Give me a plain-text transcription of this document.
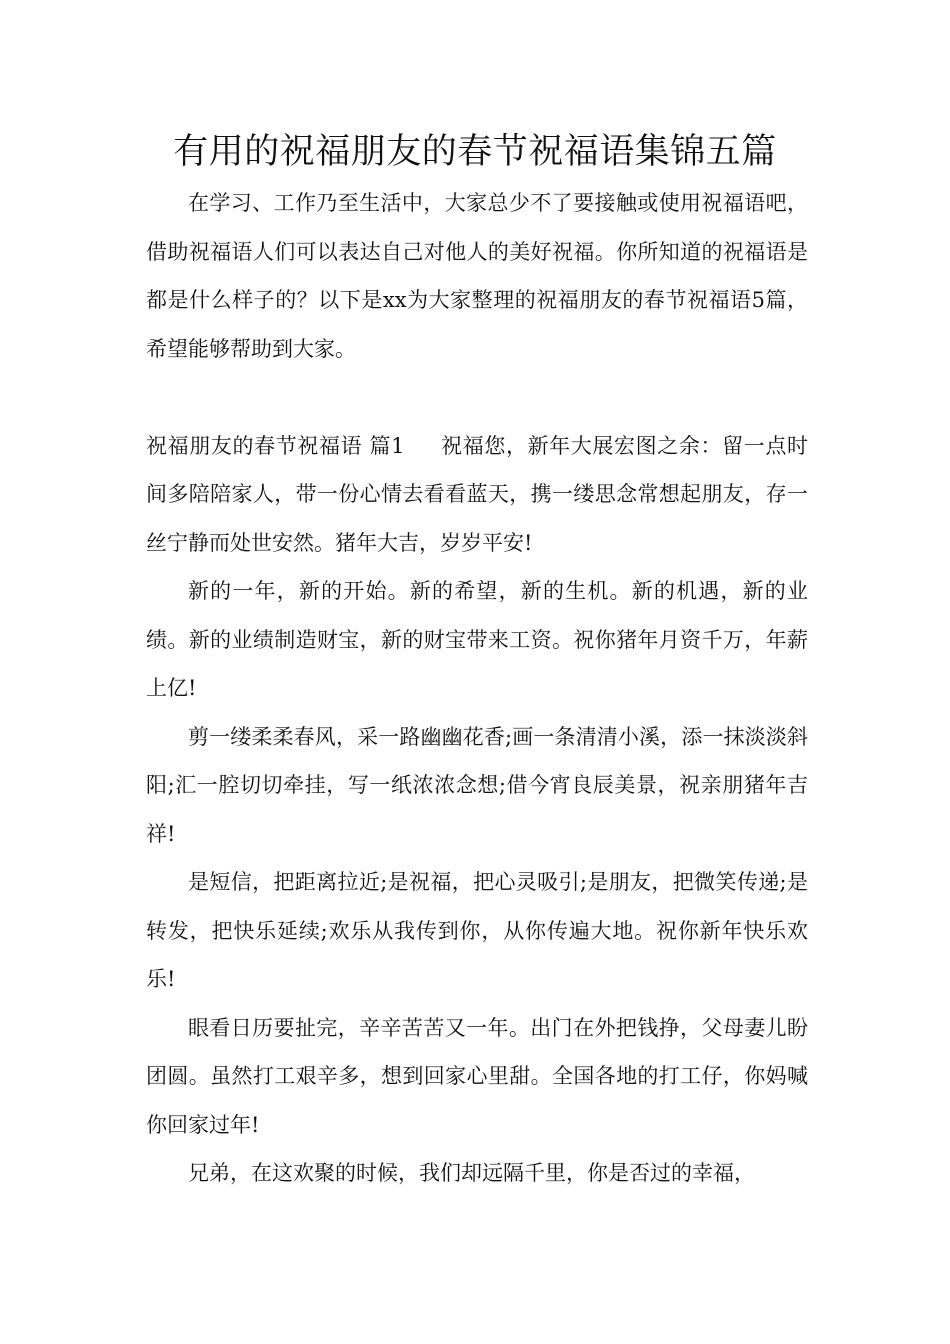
有用的祝福朋友的春节祝福语集锦五篇

在学习、工作乃至生活中，大家总少不了要接触或使用祝福语吧，借助祝福语人们可以表达自己对他人的美好祝福。你所知道的祝福语是都是什么样子的？以下是xx为大家整理的祝福朋友的春节祝福语5篇，希望能够帮助到大家。

祝福朋友的春节祝福语 篇1 祝福您，新年大展宏图之余：留一点时间多陪陪家人，带一份心情去看看蓝天，携一缕思念常想起朋友，存一丝宁静而处世安然。猪年大吉，岁岁平安!

新的一年，新的开始。新的希望，新的生机。新的机遇，新的业绩。新的业绩制造财宝，新的财宝带来工资。祝你猪年月资千万，年薪上亿!

剪一缕柔柔春风，采一路幽幽花香;画一条清清小溪，添一抹淡淡斜阳;汇一腔切切牵挂，写一纸浓浓念想;借今宵良辰美景，祝亲朋猪年吉祥!

是短信，把距离拉近;是祝福，把心灵吸引;是朋友，把微笑传递;是转发，把快乐延续;欢乐从我传到你，从你传遍大地。祝你新年快乐欢乐!

眼看日历要扯完，辛辛苦苦又一年。出门在外把钱挣，父母妻儿盼团圆。虽然打工艰辛多，想到回家心里甜。全国各地的打工仔，你妈喊你回家过年!

兄弟，在这欢聚的时候，我们却远隔千里，你是否过的幸福，
